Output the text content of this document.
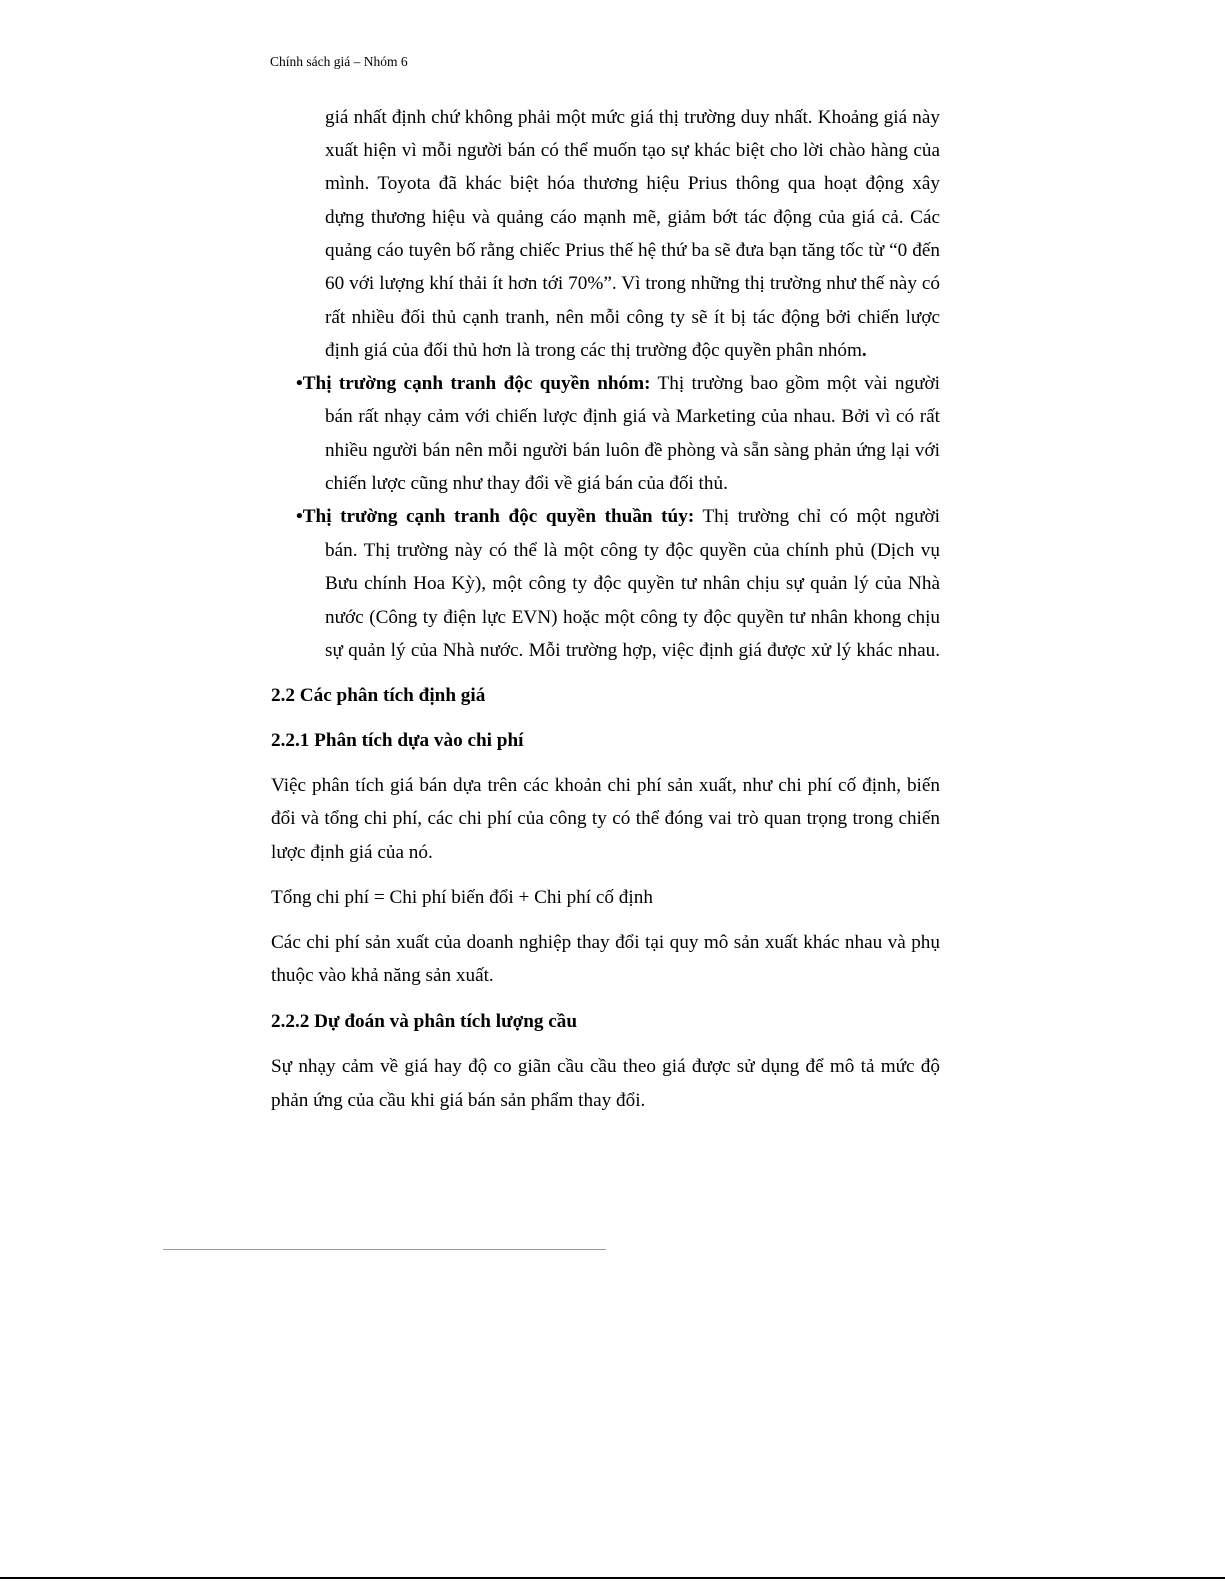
Chính sách giá – Nhóm 6
giá nhất định chứ không phải một mức giá thị trường duy nhất. Khoảng giá này
xuất hiện vì mỗi người bán có thể muốn tạo sự khác biệt cho lời chào hàng của
mình. Toyota đã khác biệt hóa thương hiệu Prius thông qua hoạt động xây
dựng thương hiệu và quảng cáo mạnh mẽ, giảm bớt tác động của giá cả. Các
quảng cáo tuyên bố rằng chiếc Prius thế hệ thứ ba sẽ đưa bạn tăng tốc từ “0 đến
60 với lượng khí thải ít hơn tới 70%”. Vì trong những thị trường như thế này có
rất nhiều đối thủ cạnh tranh, nên mỗi công ty sẽ ít bị tác động bởi chiến lược
định giá của đối thủ hơn là trong các thị trường độc quyền phân nhóm.
•Thị trường cạnh tranh độc quyền nhóm: Thị trường bao gồm một vài người
bán rất nhạy cảm với chiến lược định giá và Marketing của nhau. Bởi vì có rất
nhiều người bán nên mỗi người bán luôn đề phòng và sẵn sàng phản ứng lại với
chiến lược cũng như thay đổi về giá bán của đối thủ.
•Thị trường cạnh tranh độc quyền thuần túy: Thị trường chỉ có một người
bán. Thị trường này có thể là một công ty độc quyền của chính phủ (Dịch vụ
Bưu chính Hoa Kỳ), một công ty độc quyền tư nhân chịu sự quản lý của Nhà
nước (Công ty điện lực EVN) hoặc một công ty độc quyền tư nhân khong chịu
sự quản lý của Nhà nước. Mỗi trường hợp, việc định giá được xử lý khác nhau.
2.2 Các phân tích định giá
2.2.1 Phân tích dựa vào chi phí
Việc phân tích giá bán dựa trên các khoản chi phí sản xuất, như chi phí cố định, biến
đổi và tổng chi phí, các chi phí của công ty có thể đóng vai trò quan trọng trong chiến
lược định giá của nó.
Tổng chi phí = Chi phí biến đổi + Chi phí cố định
Các chi phí sản xuất của doanh nghiệp thay đổi tại quy mô sản xuất khác nhau và phụ
thuộc vào khả năng sản xuất.
2.2.2 Dự đoán và phân tích lượng cầu
Sự nhạy cảm về giá hay độ co giãn cầu cầu theo giá được sử dụng để mô tả mức độ
phản ứng của cầu khi giá bán sản phẩm thay đổi.
